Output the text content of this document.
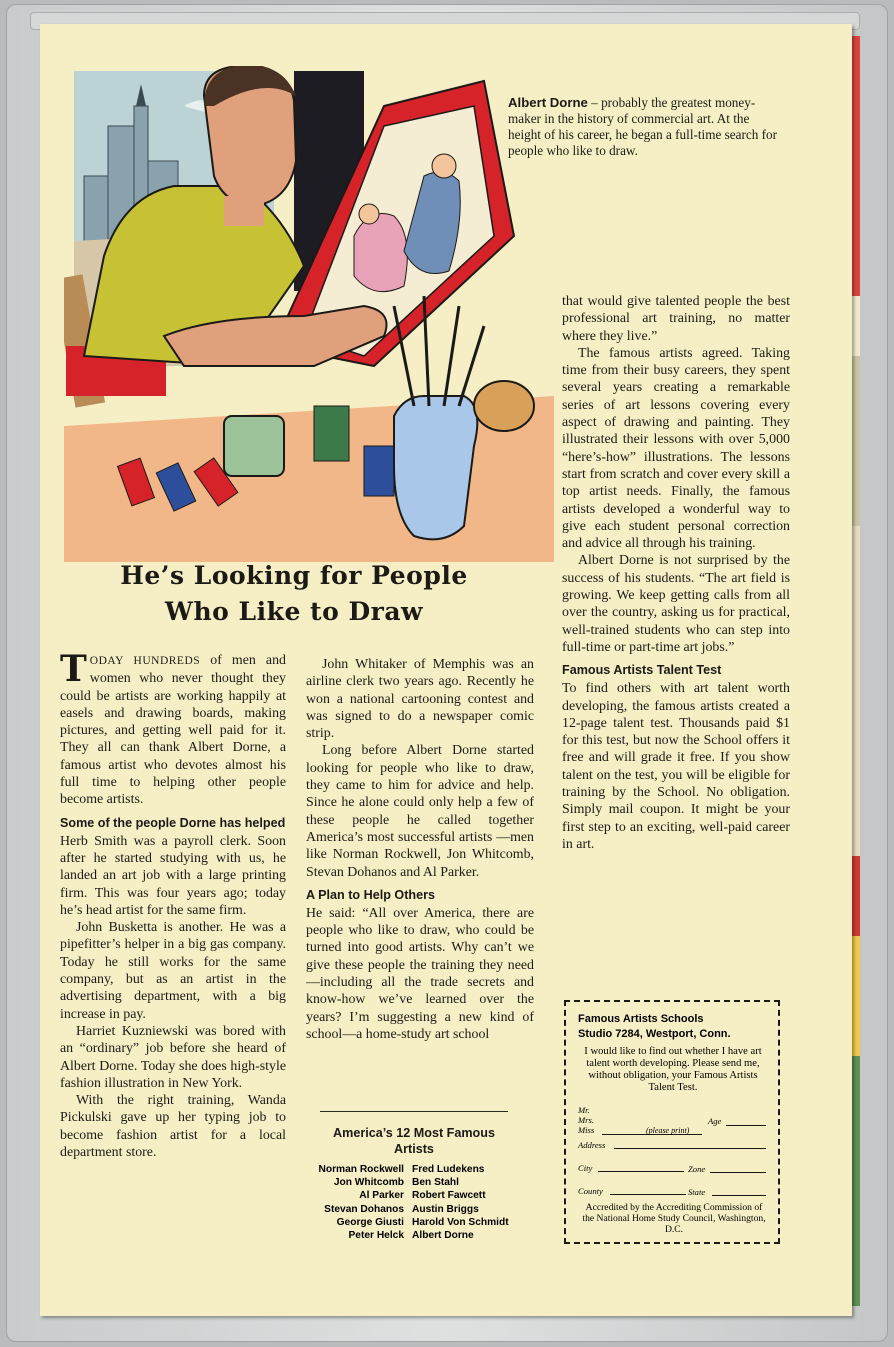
Albert Dorne – probably the greatest money-maker in the history of commercial art. At the height of his career, he began a full-time search for people who like to draw.
He’s Looking for People
Who Like to Draw

TODAY HUNDREDS of men and women who never thought they could be artists are working happily at easels and drawing boards, making pictures, and getting well paid for it. They all can thank Albert Dorne, a famous artist who devotes almost his full time to helping other people become artists.

Some of the people Dorne has helped

Herb Smith was a payroll clerk. Soon after he started studying with us, he landed an art job with a large printing firm. This was four years ago; today he’s head artist for the same firm.

John Busketta is another. He was a pipefitter’s helper in a big gas company. Today he still works for the same company, but as an artist in the advertising department, with a big increase in pay.

Harriet Kuzniewski was bored with an “ordinary” job before she heard of Albert Dorne. Today she does high-style fashion illustration in New York.

With the right training, Wanda Pickulski gave up her typing job to become fashion artist for a local department store.

John Whitaker of Memphis was an airline clerk two years ago. Recently he won a national cartooning contest and was signed to do a newspaper comic strip.

Long before Albert Dorne started looking for people who like to draw, they came to him for advice and help. Since he alone could only help a few of these people he called together America’s most successful artists —men like Norman Rockwell, Jon Whitcomb, Stevan Dohanos and Al Parker.

A Plan to Help Others

He said: “All over America, there are people who like to draw, who could be turned into good artists. Why can’t we give these people the training they need—including all the trade secrets and know-how we’ve learned over the years? I’m suggesting a new kind of school—a home-study art school

America’s 12 Most Famous Artists
Norman Rockwell
Jon Whitcomb
Al Parker
Stevan Dohanos
George Giusti
Peter Helck
Fred Ludekens
Ben Stahl
Robert Fawcett
Austin Briggs
Harold Von Schmidt
Albert Dorne

that would give talented people the best professional art training, no matter where they live.”

The famous artists agreed. Taking time from their busy careers, they spent several years creating a remarkable series of art lessons covering every aspect of drawing and painting. They illustrated their lessons with over 5,000 “here’s-how” illustrations. The lessons start from scratch and cover every skill a top artist needs. Finally, the famous artists developed a wonderful way to give each student personal correction and advice all through his training.

Albert Dorne is not surprised by the success of his students. “The art field is growing. We keep getting calls from all over the country, asking us for practical, well-trained students who can step into full-time or part-time art jobs.”

Famous Artists Talent Test

To find others with art talent worth developing, the famous artists created a 12-page talent test. Thousands paid $1 for this test, but now the School offers it free and will grade it free. If you show talent on the test, you will be eligible for training by the School. No obligation. Simply mail coupon. It might be your first step to an exciting, well-paid career in art.

Famous Artists Schools
Studio 7284, Westport, Conn.
I would like to find out whether I have art talent worth developing. Please send me, without obligation, your Famous Artists Talent Test.
Mr.
Mrs.
Miss
Age
(please print)
Address
City	Zone
County	State
Accredited by the Accrediting Commission of the National Home Study Council, Washington, D.C.
